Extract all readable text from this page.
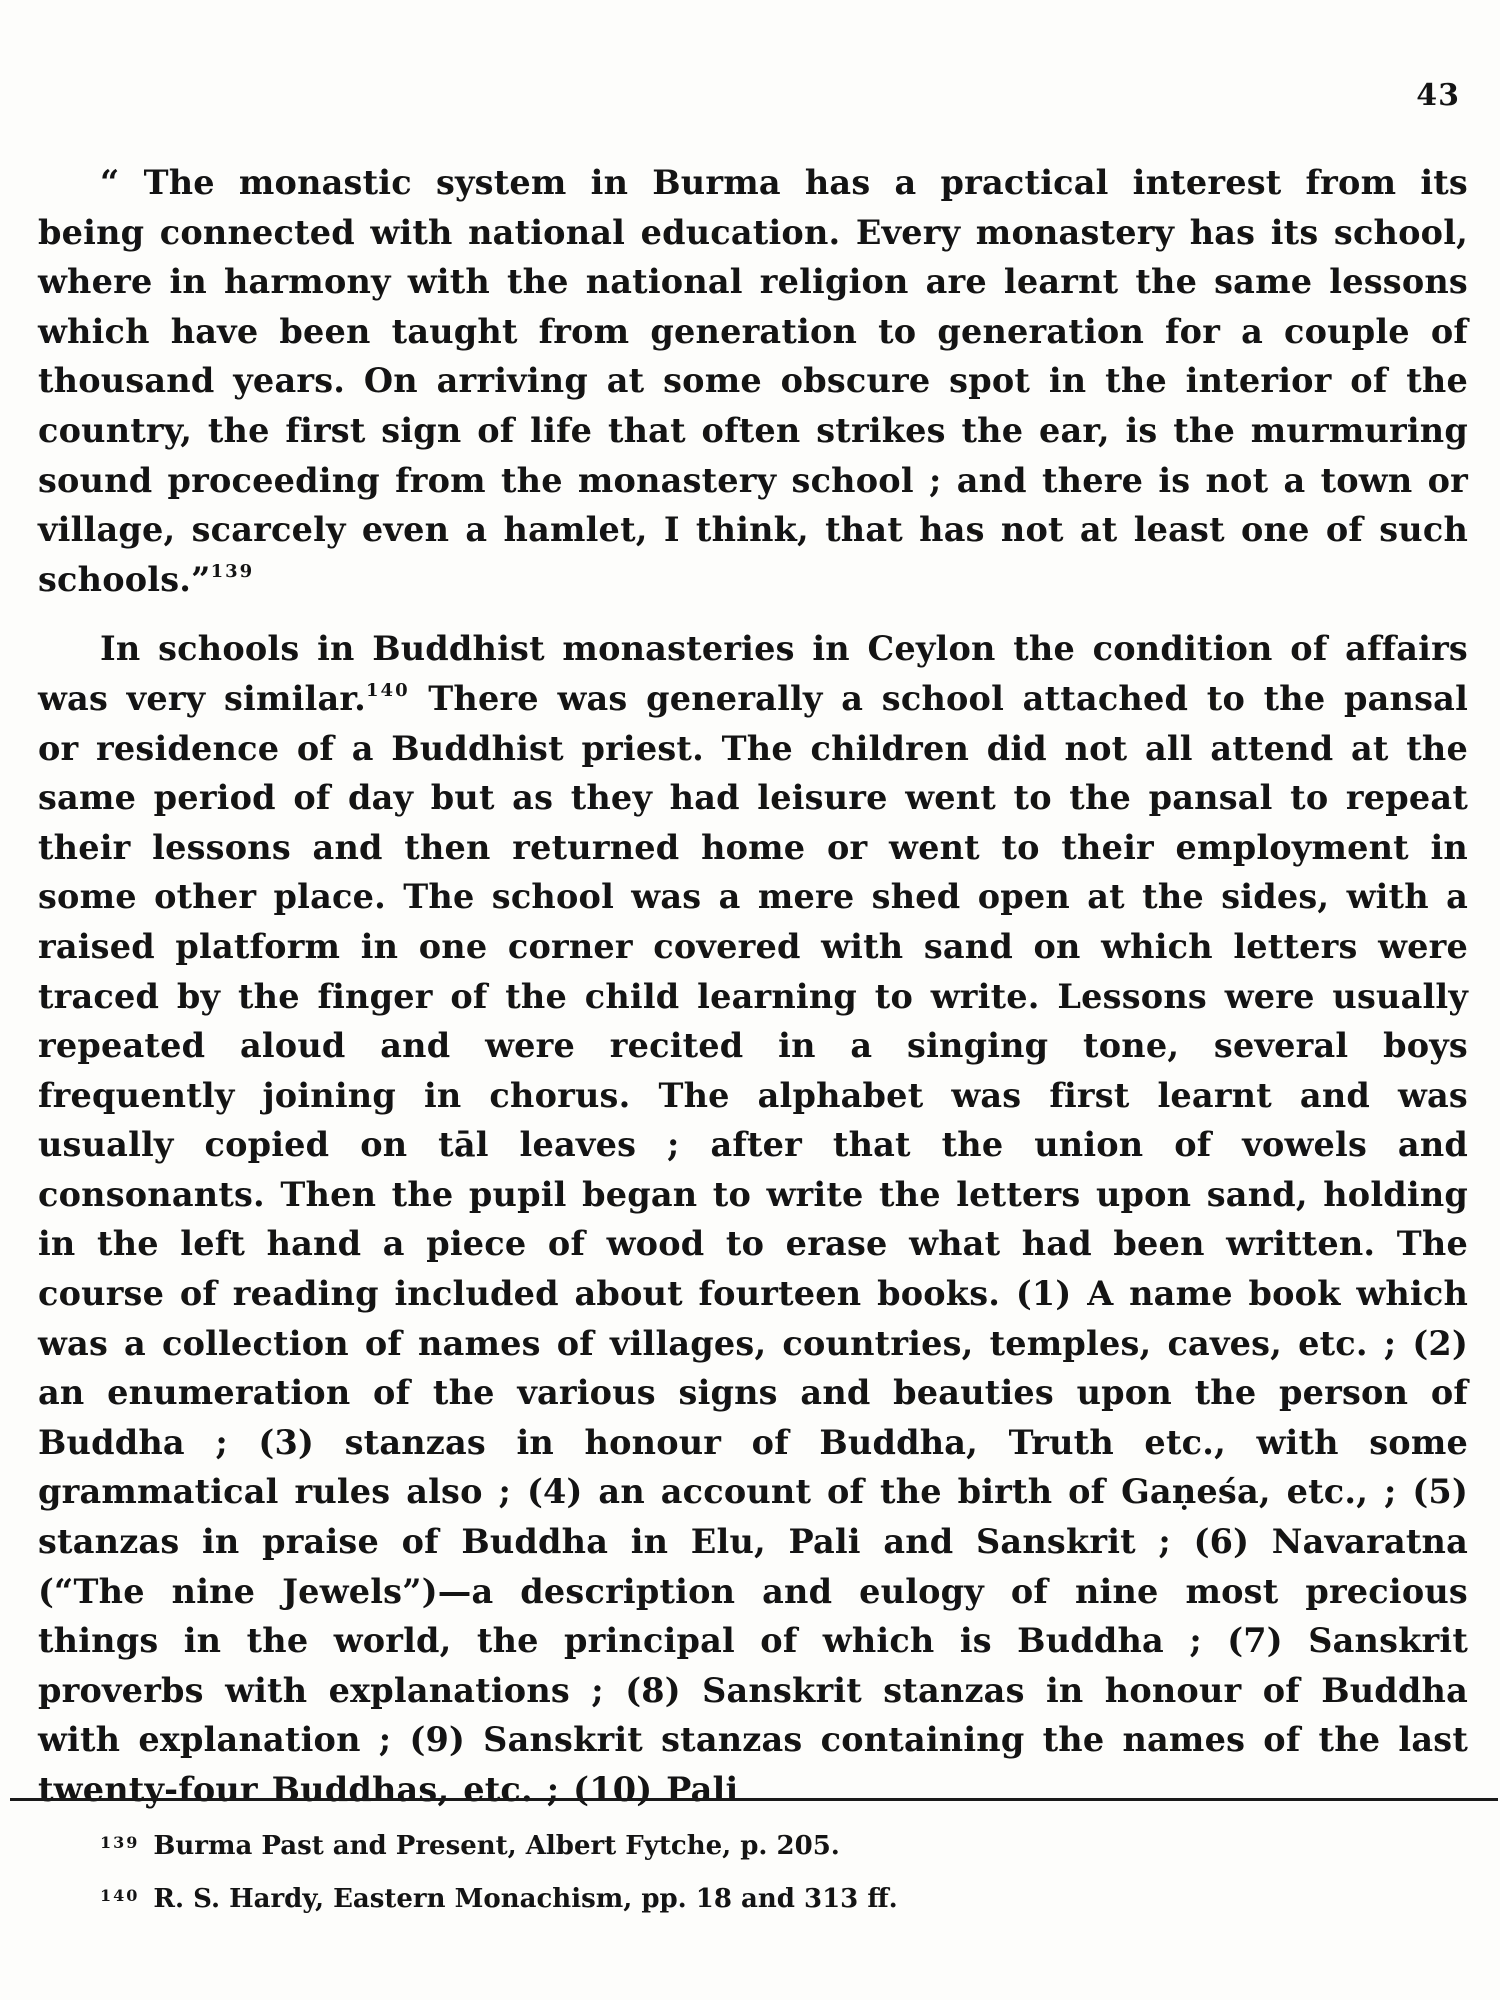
43

“ The monastic system in Burma has a practical interest from its being connected with national education. Every monastery has its school, where in harmony with the national religion are learnt the same lessons which have been taught from generation to generation for a couple of thousand years. On arriving at some obscure spot in the interior of the country, the first sign of life that often strikes the ear, is the murmuring sound proceeding from the monastery school ; and there is not a town or village, scarcely even a hamlet, I think, that has not at least one of such schools.”$^{139}$

In schools in Buddhist monasteries in Ceylon the condition of affairs was very similar.$^{140}$ There was generally a school attached to the pansal or residence of a Buddhist priest. The children did not all attend at the same period of day but as they had leisure went to the pansal to repeat their lessons and then returned home or went to their employment in some other place. The school was a mere shed open at the sides, with a raised platform in one corner covered with sand on which letters were traced by the finger of the child learning to write. Lessons were usually repeated aloud and were recited in a singing tone, several boys frequently joining in chorus. The alphabet was first learnt and was usually copied on tāl leaves ; after that the union of vowels and consonants. Then the pupil began to write the letters upon sand, holding in the left hand a piece of wood to erase what had been written. The course of reading included about fourteen books. (1) A name book which was a collection of names of villages, countries, temples, caves, etc. ; (2) an enumeration of the various signs and beauties upon the person of Buddha ; (3) stanzas in honour of Buddha, Truth etc., with some grammatical rules also ; (4) an account of the birth of Gaṇeśa, etc., ; (5) stanzas in praise of Buddha in Elu, Pali and Sanskrit ; (6) Navaratna (“The nine Jewels”)—a description and eulogy of nine most precious things in the world, the principal of which is Buddha ; (7) Sanskrit proverbs with explanations ; (8) Sanskrit stanzas in honour of Buddha with explanation ; (9) Sanskrit stanzas containing the names of the last twenty-four Buddhas, etc. ; (10) Pali

$^{139}$ Burma Past and Present, Albert Fytche, p. 205.
$^{140}$ R. S. Hardy, Eastern Monachism, pp. 18 and 313 ff.
